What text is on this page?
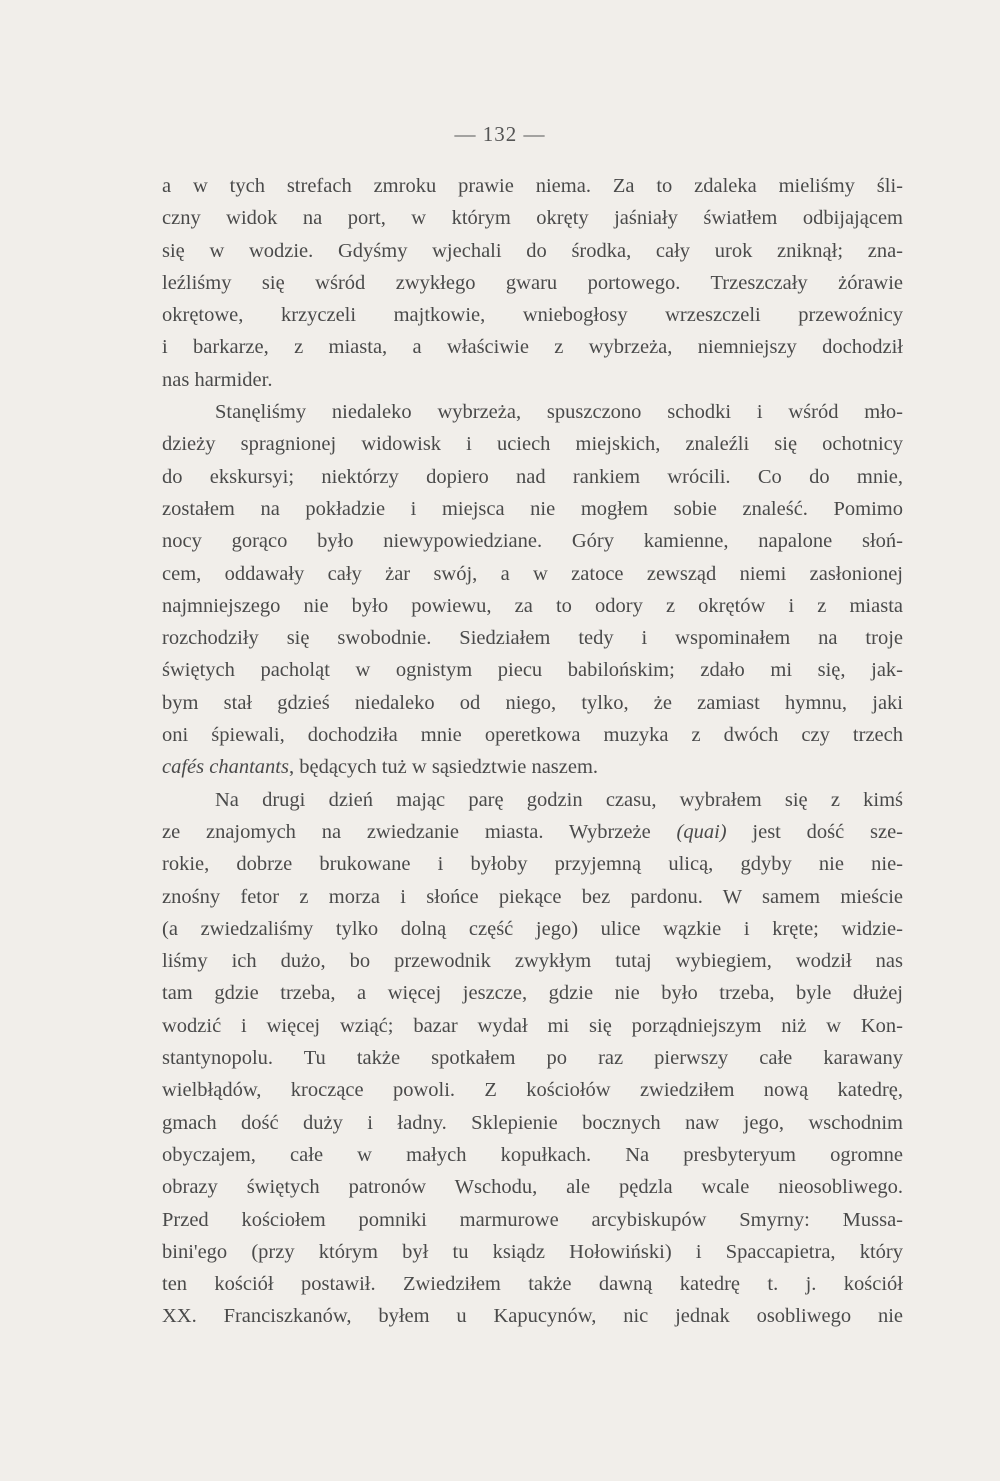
— 132 —
a w tych strefach zmroku prawie niema. Za to zdaleka mieliśmy śli-
czny widok na port, w którym okręty jaśniały światłem odbijającem
się w wodzie. Gdyśmy wjechali do środka, cały urok zniknął; zna-
leźliśmy się wśród zwykłego gwaru portowego. Trzeszczały żórawie
okrętowe, krzyczeli majtkowie, wniebogłosy wrzeszczeli przewoźnicy
i barkarze, z miasta, a właściwie z wybrzeża, niemniejszy dochodził
nas harmider.
Stanęliśmy niedaleko wybrzeża, spuszczono schodki i wśród mło-
dzieży spragnionej widowisk i uciech miejskich, znaleźli się ochotnicy
do ekskursyi; niektórzy dopiero nad rankiem wrócili. Co do mnie,
zostałem na pokładzie i miejsca nie mogłem sobie znaleść. Pomimo
nocy gorąco było niewypowiedziane. Góry kamienne, napalone słoń-
cem, oddawały cały żar swój, a w zatoce zewsząd niemi zasłonionej
najmniejszego nie było powiewu, za to odory z okrętów i z miasta
rozchodziły się swobodnie. Siedziałem tedy i wspominałem na troje
świętych pacholąt w ognistym piecu babilońskim; zdało mi się, jak-
bym stał gdzieś niedaleko od niego, tylko, że zamiast hymnu, jaki
oni śpiewali, dochodziła mnie operetkowa muzyka z dwóch czy trzech
cafés chantants, będących tuż w sąsiedztwie naszem.
Na drugi dzień mając parę godzin czasu, wybrałem się z kimś
ze znajomych na zwiedzanie miasta. Wybrzeże (quai) jest dość sze-
rokie, dobrze brukowane i byłoby przyjemną ulicą, gdyby nie nie-
znośny fetor z morza i słońce piekące bez pardonu. W samem mieście
(a zwiedzaliśmy tylko dolną część jego) ulice wązkie i kręte; widzie-
liśmy ich dużo, bo przewodnik zwykłym tutaj wybiegiem, wodził nas
tam gdzie trzeba, a więcej jeszcze, gdzie nie było trzeba, byle dłużej
wodzić i więcej wziąć; bazar wydał mi się porządniejszym niż w Kon-
stantynopolu. Tu także spotkałem po raz pierwszy całe karawany
wielbłądów, kroczące powoli. Z kościołów zwiedziłem nową katedrę,
gmach dość duży i ładny. Sklepienie bocznych naw jego, wschodnim
obyczajem, całe w małych kopułkach. Na presbyteryum ogromne
obrazy świętych patronów Wschodu, ale pędzla wcale nieosobliwego.
Przed kościołem pomniki marmurowe arcybiskupów Smyrny: Mussa-
bini'ego (przy którym był tu ksiądz Hołowiński) i Spaccapietra, który
ten kościół postawił. Zwiedziłem także dawną katedrę t. j. kościół
XX. Franciszkanów, byłem u Kapucynów, nic jednak osobliwego nie
